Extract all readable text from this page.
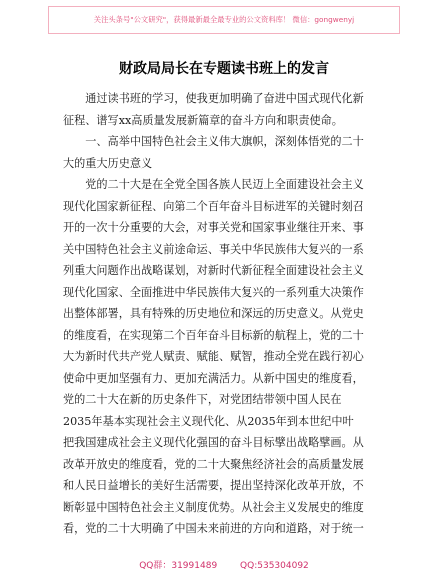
关注头条号"公文研究"，获得最新最全最专业的公文资料库！ 微信：gongwenyj
财政局局长在专题读书班上的发言
　　通过读书班的学习，使我更加明确了奋进中国式现代化新
征程、谱写xx高质量发展新篇章的奋斗方向和职责使命。
　　一、高举中国特色社会主义伟大旗帜，深刻体悟党的二十
大的重大历史意义
　　党的二十大是在全党全国各族人民迈上全面建设社会主义
现代化国家新征程、向第二个百年奋斗目标进军的关键时刻召
开的一次十分重要的大会，对事关党和国家事业继往开来、事
关中国特色社会主义前途命运、事关中华民族伟大复兴的一系
列重大问题作出战略谋划，对新时代新征程全面建设社会主义
现代化国家、全面推进中华民族伟大复兴的一系列重大决策作
出整体部署，具有特殊的历史地位和深远的历史意义。从党史
的维度看，在实现第二个百年奋斗目标新的航程上，党的二十
大为新时代共产党人赋责、赋能、赋智，推动全党在践行初心
使命中更加坚强有力、更加充满活力。从新中国史的维度看，
党的二十大在新的历史条件下，对党团结带领中国人民在
2035年基本实现社会主义现代化、从2035年到本世纪中叶
把我国建成社会主义现代化强国的奋斗目标擘出战略擘画。从
改革开放史的维度看，党的二十大聚焦经济社会的高质量发展
和人民日益增长的美好生活需要，提出坚持深化改革开放，不
断彰显中国特色社会主义制度优势。从社会主义发展史的维度
看，党的二十大明确了中国未来前进的方向和道路，对于统一
QQ群：31991489	QQ:535304092
